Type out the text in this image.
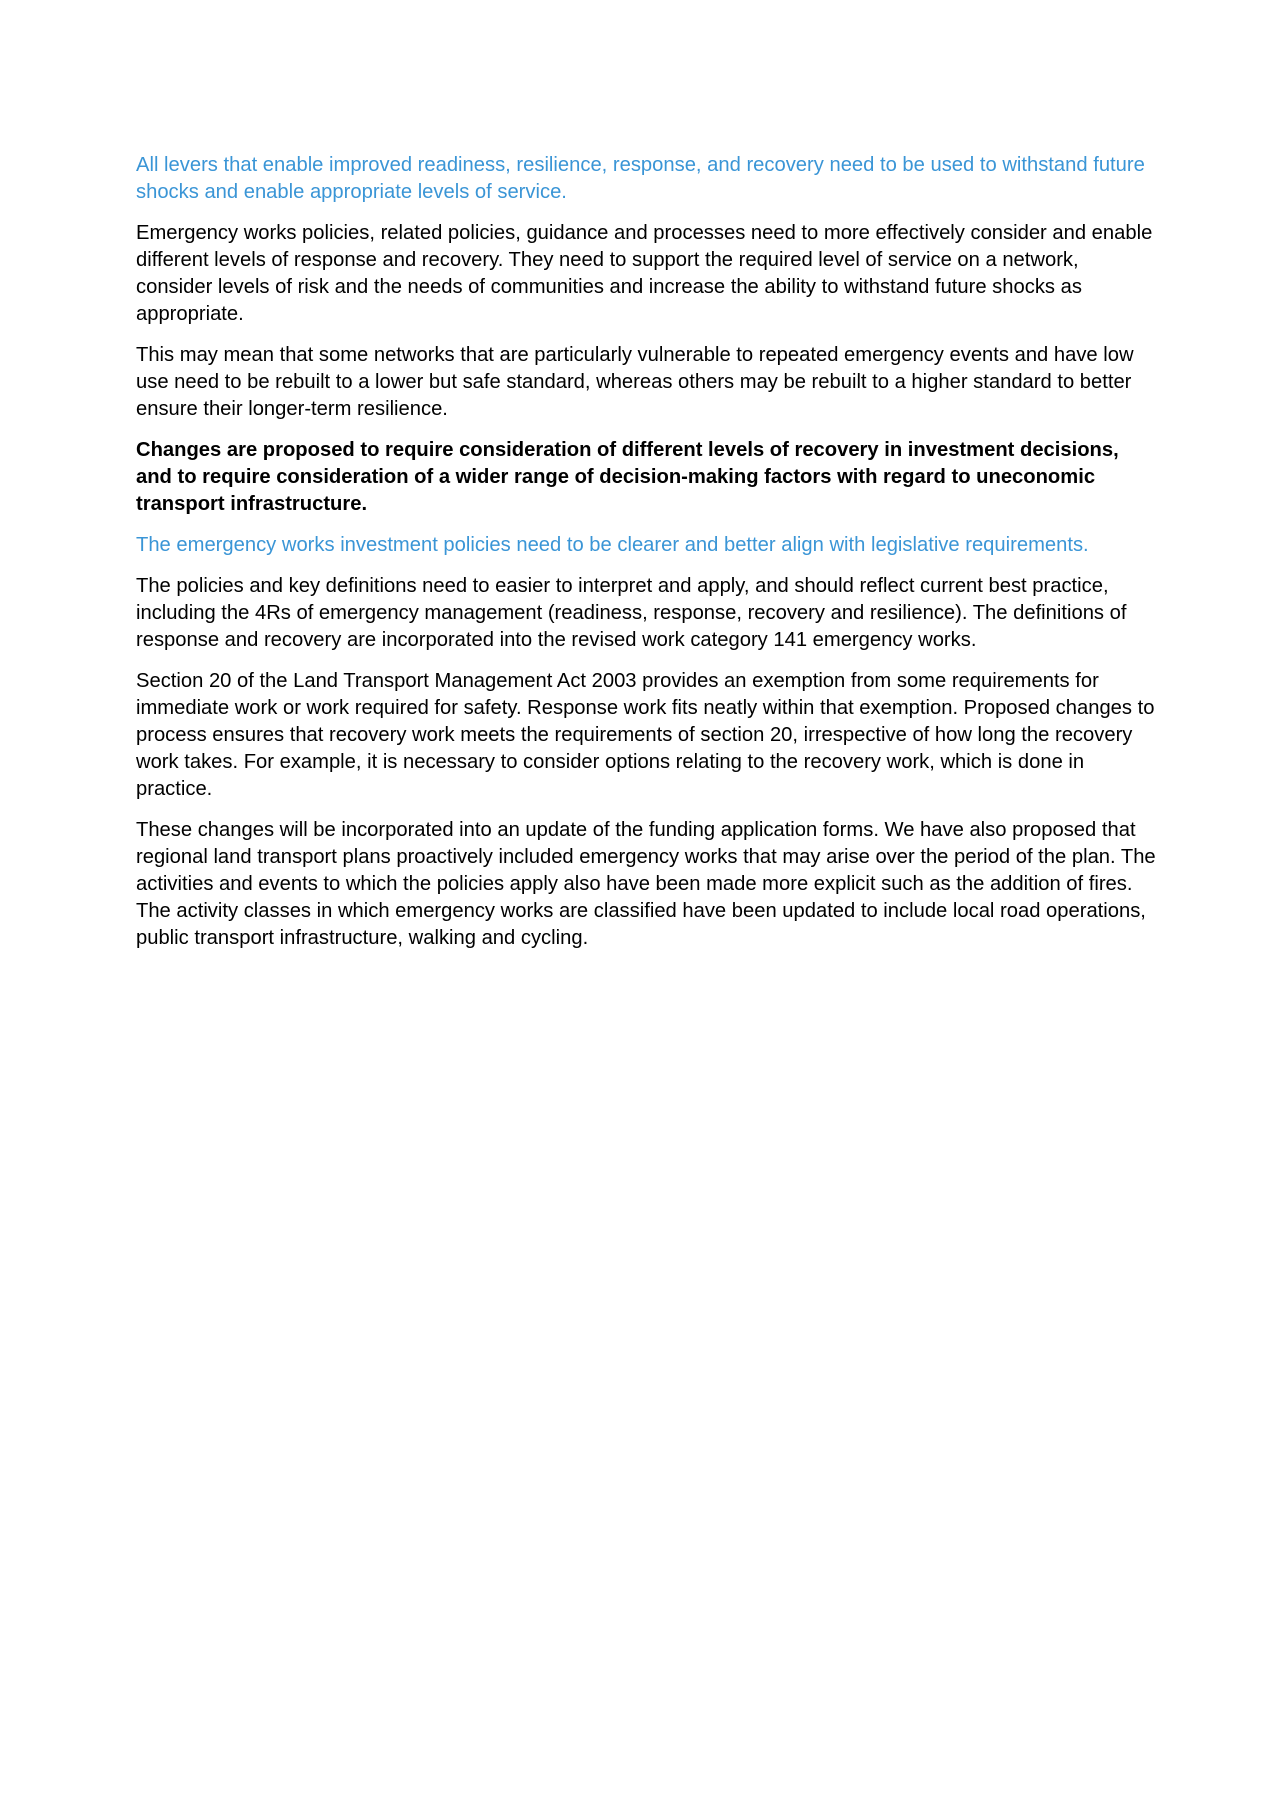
All levers that enable improved readiness, resilience, response, and recovery need to be used to withstand future shocks and enable appropriate levels of service.

Emergency works policies, related policies, guidance and processes need to more effectively consider and enable different levels of response and recovery. They need to support the required level of service on a network, consider levels of risk and the needs of communities and increase the ability to withstand future shocks as appropriate.

This may mean that some networks that are particularly vulnerable to repeated emergency events and have low use need to be rebuilt to a lower but safe standard, whereas others may be rebuilt to a higher standard to better ensure their longer-term resilience.

Changes are proposed to require consideration of different levels of recovery in investment decisions, and to require consideration of a wider range of decision-making factors with regard to uneconomic transport infrastructure.

The emergency works investment policies need to be clearer and better align with legislative requirements.

The policies and key definitions need to easier to interpret and apply, and should reflect current best practice, including the 4Rs of emergency management (readiness, response, recovery and resilience). The definitions of response and recovery are incorporated into the revised work category 141 emergency works.

Section 20 of the Land Transport Management Act 2003 provides an exemption from some requirements for immediate work or work required for safety. Response work fits neatly within that exemption. Proposed changes to process ensures that recovery work meets the requirements of section 20, irrespective of how long the recovery work takes. For example, it is necessary to consider options relating to the recovery work, which is done in practice.

These changes will be incorporated into an update of the funding application forms. We have also proposed that regional land transport plans proactively included emergency works that may arise over the period of the plan. The activities and events to which the policies apply also have been made more explicit such as the addition of fires. The activity classes in which emergency works are classified have been updated to include local road operations, public transport infrastructure, walking and cycling.
